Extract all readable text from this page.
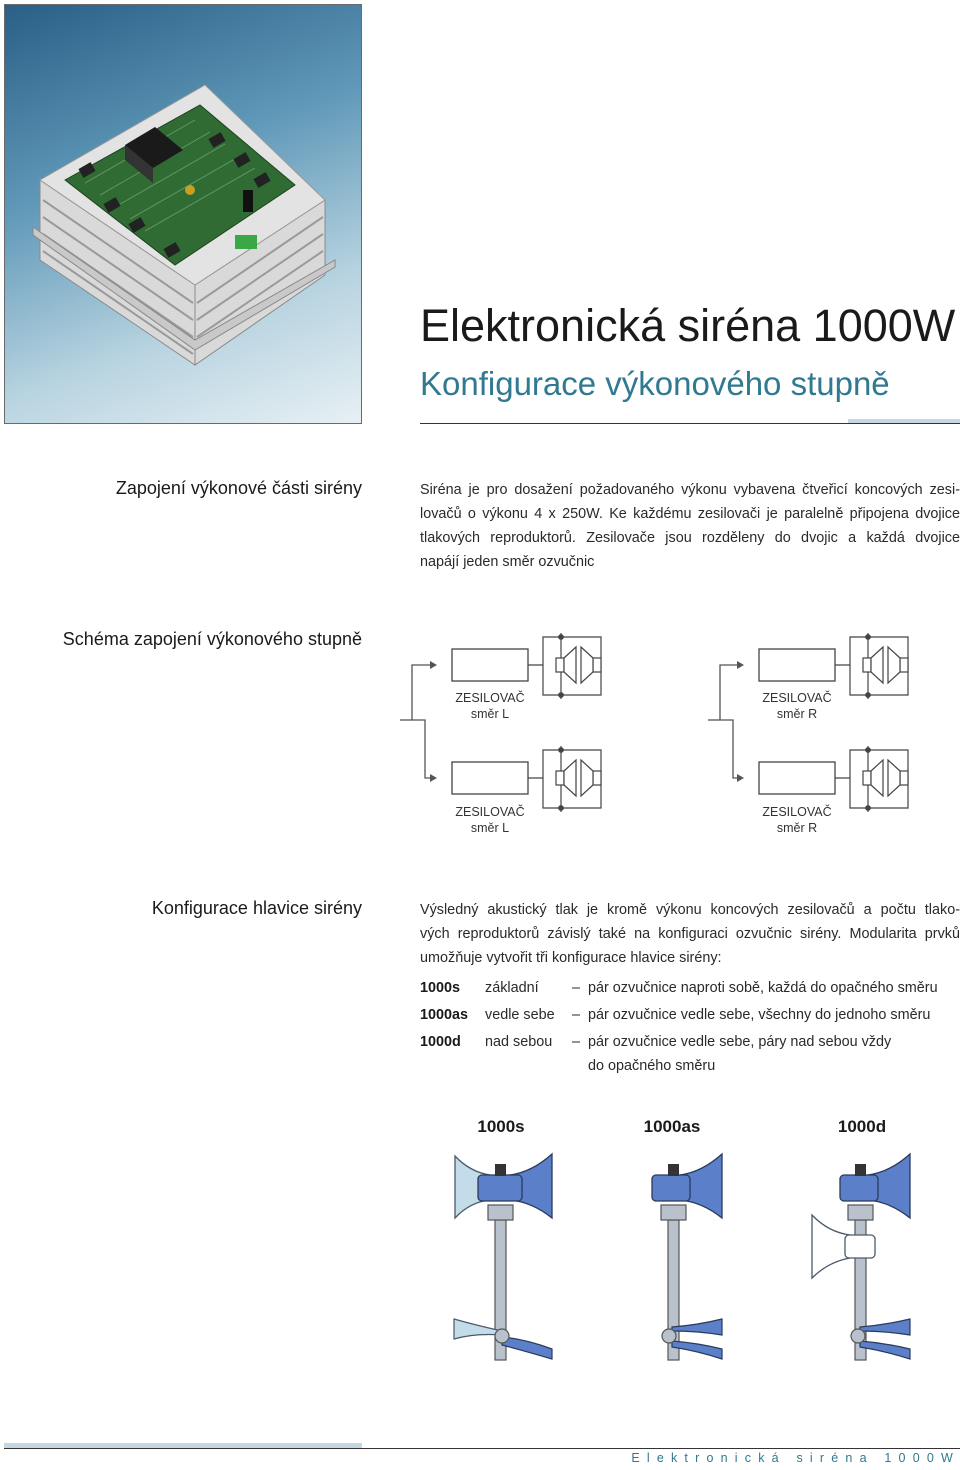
Elektronická siréna 1000W
Konfigurace výkonového stupně
Zapojení výkonové části sirény	Siréna je pro dosažení požadovaného výkonu vybavena čtveřicí koncových zesi-
lovačů o výkonu 4 x 250W. Ke každému zesilovači je paralelně připojena dvojice
tlakových reproduktorů. Zesilovače jsou rozděleny do dvojic a každá dvojice
napájí jeden směr ozvučnic
Schéma zapojení výkonového stupně
ZESILOVAČ
směr L
ZESILOVAČ
směr R
ZESILOVAČ
směr L
ZESILOVAČ
směr R
Konfigurace hlavice sirény	Výsledný akustický tlak je kromě výkonu koncových zesilovačů a počtu tlako-
vých reproduktorů závislý také na konfiguraci ozvučnic sirény. Modularita prvků
umožňuje vytvořit tři konfigurace hlavice sirény:
1000s základní – pár ozvučnice naproti sobě, každá do opačného směru
1000as vedle sebe – pár ozvučnice vedle sebe, všechny do jednoho směru
1000d nad sebou – pár ozvučnice vedle sebe, páry nad sebou vždy
do opačného směru
1000s	1000as	1000d
Elektronická siréna 1000W
